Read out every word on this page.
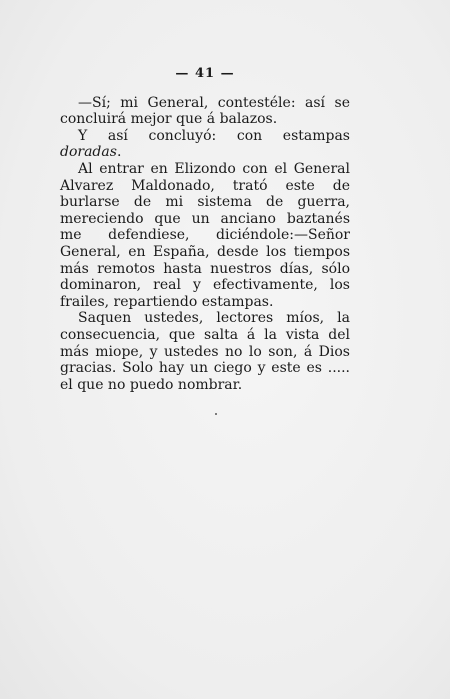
— 41 —

—Sí; mi General, contestéle: así se concluirá mejor que á balazos.

Y así concluyó: con estampas doradas.

Al entrar en Elizondo con el General Alvarez Maldonado, trató este de burlarse de mi sistema de guerra, mereciendo que un anciano baztanés me defendiese, diciéndole:—Señor General, en España, desde los tiempos más remotos hasta nuestros días, sólo dominaron, real y efectivamente, los frailes, repartiendo estampas.

Saquen ustedes, lectores míos, la consecuencia, que salta á la vista del más miope, y ustedes no lo son, á Dios gracias. Solo hay un ciego y este es ..... el que no puedo nombrar.
